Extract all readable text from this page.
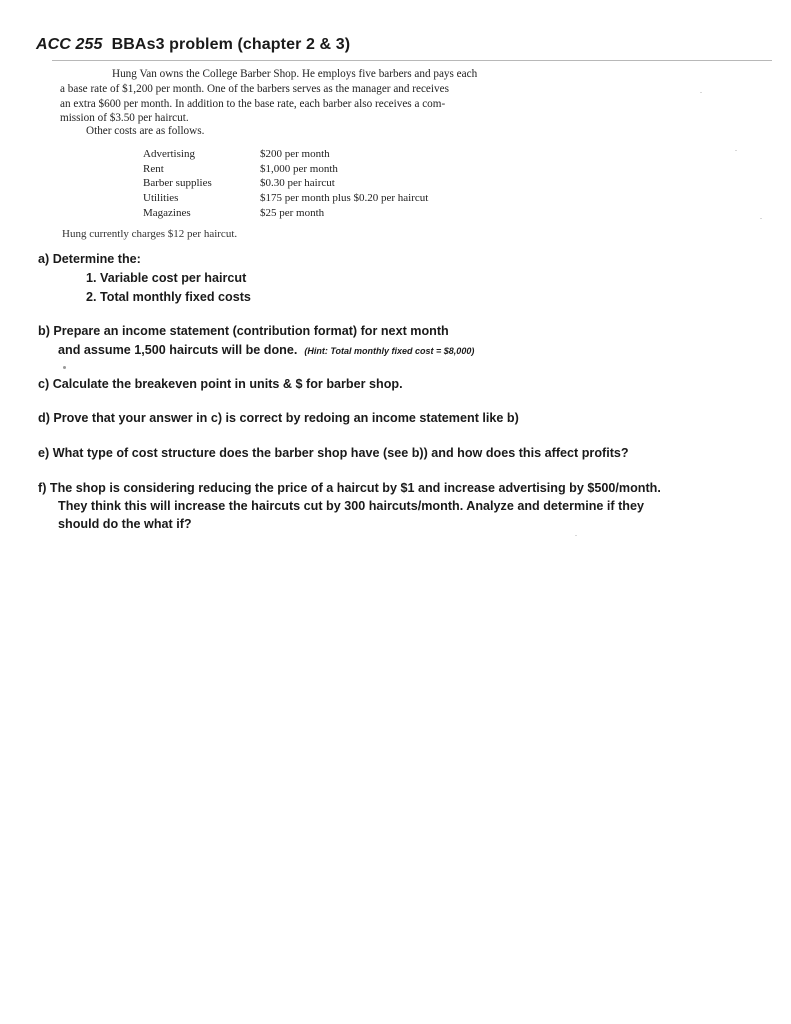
ACC 255 BBAs3 problem (chapter 2 & 3)
Hung Van owns the College Barber Shop. He employs five barbers and pays each
a base rate of $1,200 per month. One of the barbers serves as the manager and receives
an extra $600 per month. In addition to the base rate, each barber also receives a com-
mission of $3.50 per haircut.
Other costs are as follows.
Advertising	$200 per month
Rent	$1,000 per month
Barber supplies	$0.30 per haircut
Utilities	$175 per month plus $0.20 per haircut
Magazines	$25 per month
Hung currently charges $12 per haircut.
a) Determine the:
1. Variable cost per haircut
2. Total monthly fixed costs
b) Prepare an income statement (contribution format) for next month
and assume 1,500 haircuts will be done. (Hint: Total monthly fixed cost = $8,000)
c) Calculate the breakeven point in units & $ for barber shop.
d) Prove that your answer in c) is correct by redoing an income statement like b)
e) What type of cost structure does the barber shop have (see b)) and how does this affect profits?
f) The shop is considering reducing the price of a haircut by $1 and increase advertising by $500/month.
They think this will increase the haircuts cut by 300 haircuts/month. Analyze and determine if they
should do the what if?
